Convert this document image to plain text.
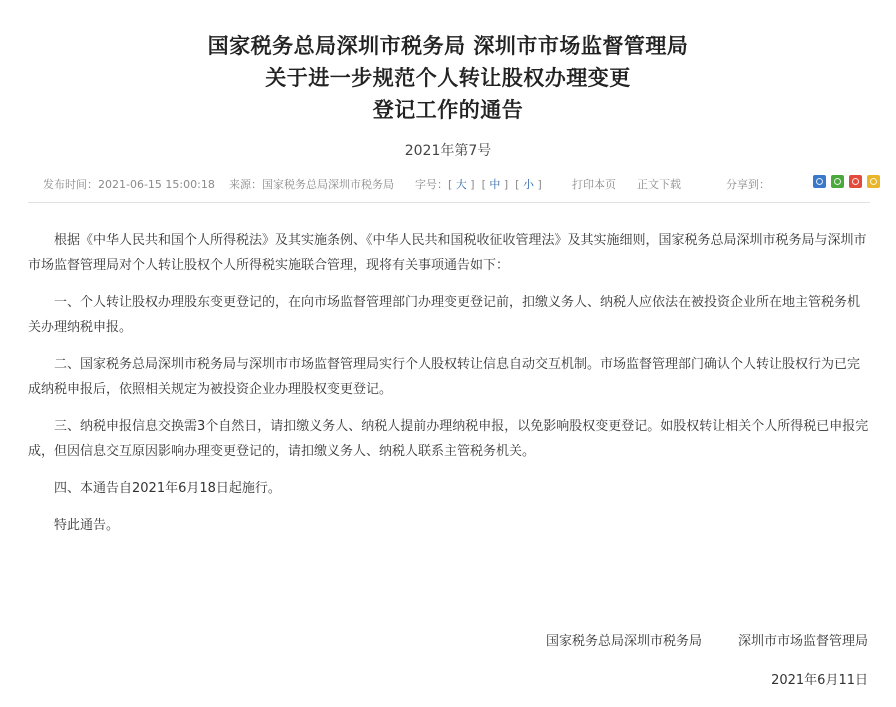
国家税务总局深圳市税务局 深圳市市场监督管理局
关于进一步规范个人转让股权办理变更
登记工作的通告
2021年第7号
发布时间：2021-06-15 15:00:18 来源：国家税务总局深圳市税务局 字号：[ 大 ]  [ 中 ]  [ 小 ]	打印本页 正文下载	分享到：

根据《中华人民共和国个人所得税法》及其实施条例、《中华人民共和国税收征收管理法》及其实施细则，国家税务总局深圳市税务局与深圳市市场监督管理局对个人转让股权个人所得税实施联合管理，现将有关事项通告如下：

一、个人转让股权办理股东变更登记的，在向市场监督管理部门办理变更登记前，扣缴义务人、纳税人应依法在被投资企业所在地主管税务机关办理纳税申报。

二、国家税务总局深圳市税务局与深圳市市场监督管理局实行个人股权转让信息自动交互机制。市场监督管理部门确认个人转让股权行为已完成纳税申报后，依照相关规定为被投资企业办理股权变更登记。

三、纳税申报信息交换需3个自然日，请扣缴义务人、纳税人提前办理纳税申报，以免影响股权变更登记。如股权转让相关个人所得税已申报完成，但因信息交互原因影响办理变更登记的，请扣缴义务人、纳税人联系主管税务机关。

四、本通告自2021年6月18日起施行。

特此通告。

国家税务总局深圳市税务局	深圳市市场监督管理局
2021年6月11日
